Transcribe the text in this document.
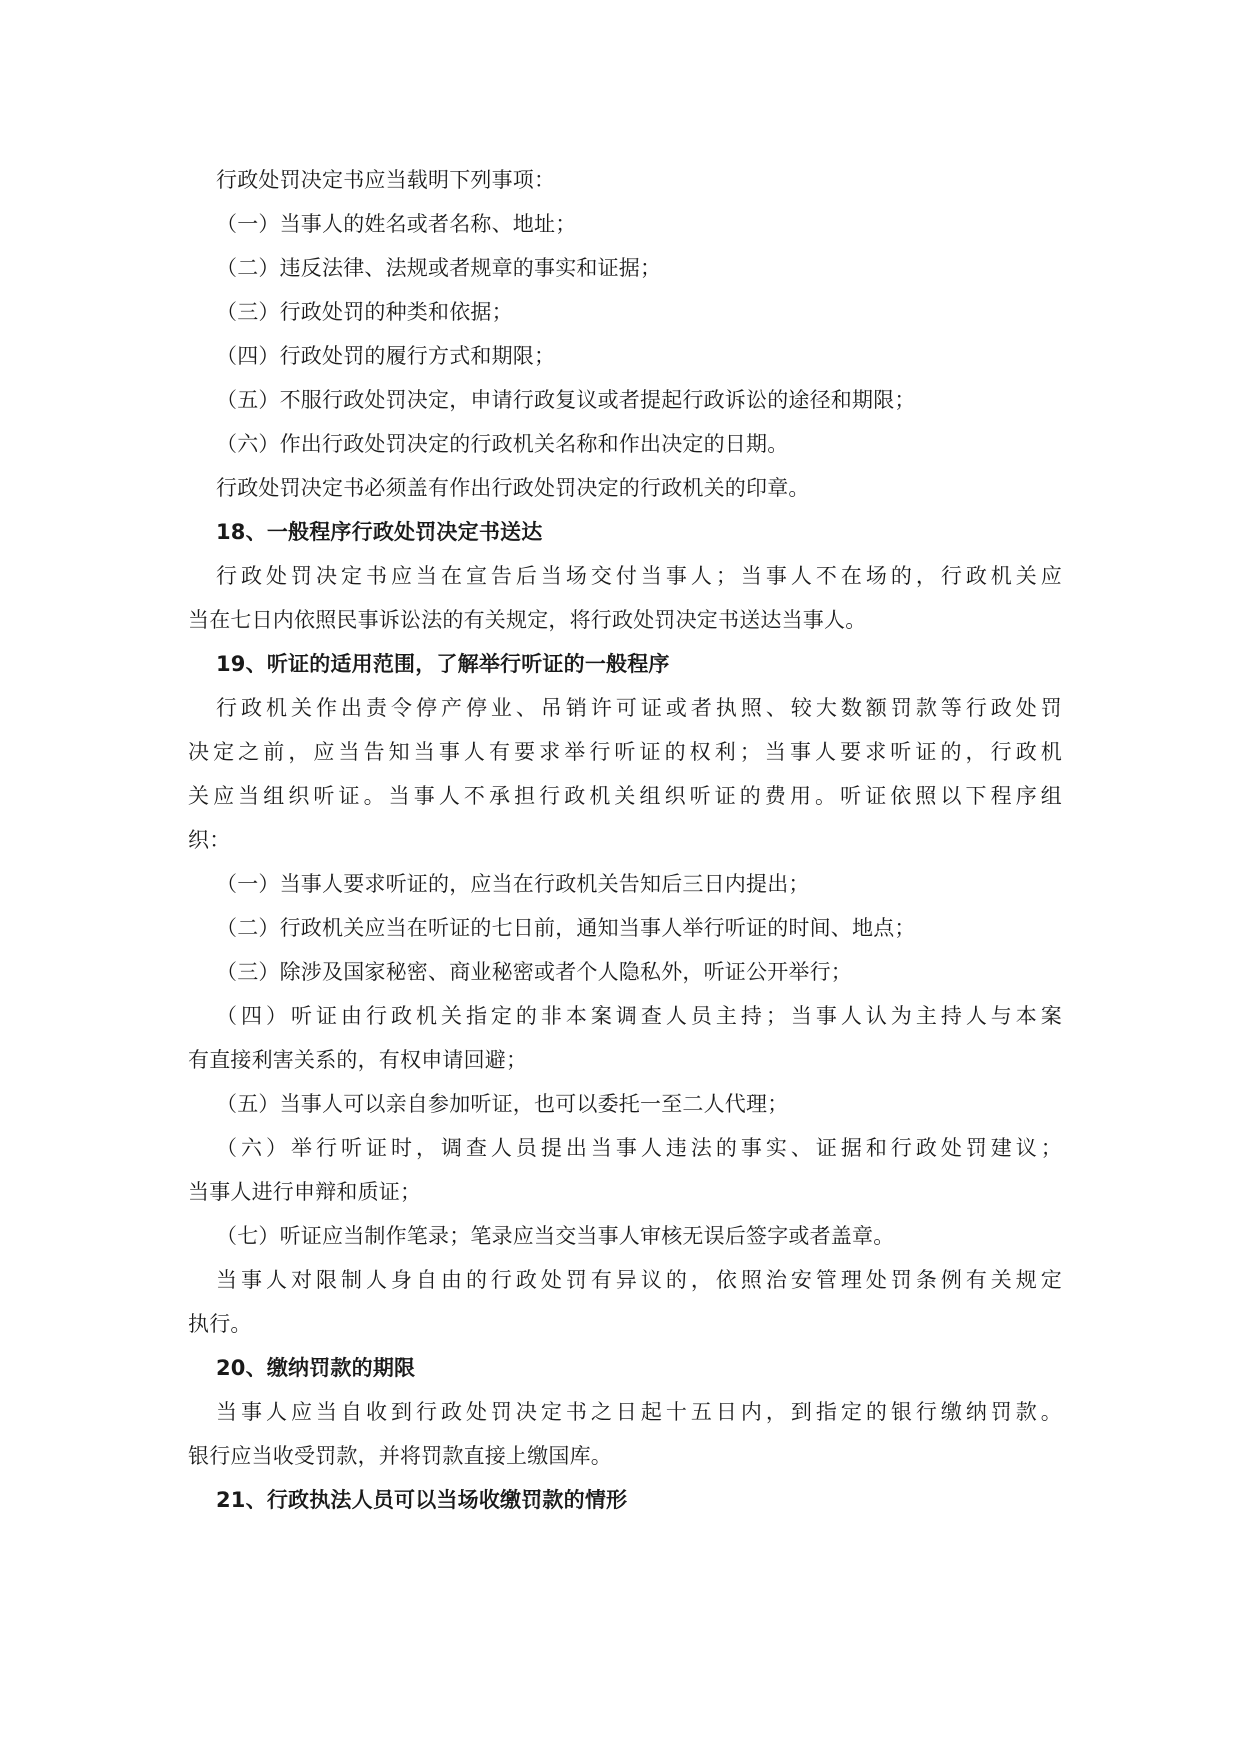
行政处罚决定书应当载明下列事项：
（一）当事人的姓名或者名称、地址；
（二）违反法律、法规或者规章的事实和证据；
（三）行政处罚的种类和依据；
（四）行政处罚的履行方式和期限；
（五）不服行政处罚决定，申请行政复议或者提起行政诉讼的途径和期限；
（六）作出行政处罚决定的行政机关名称和作出决定的日期。
行政处罚决定书必须盖有作出行政处罚决定的行政机关的印章。
18、一般程序行政处罚决定书送达
行政处罚决定书应当在宣告后当场交付当事人；当事人不在场的，行政机关应
当在七日内依照民事诉讼法的有关规定，将行政处罚决定书送达当事人。
19、听证的适用范围，了解举行听证的一般程序
行政机关作出责令停产停业、吊销许可证或者执照、较大数额罚款等行政处罚
决定之前，应当告知当事人有要求举行听证的权利；当事人要求听证的，行政机
关应当组织听证。当事人不承担行政机关组织听证的费用。听证依照以下程序组
织：
（一）当事人要求听证的，应当在行政机关告知后三日内提出；
（二）行政机关应当在听证的七日前，通知当事人举行听证的时间、地点；
（三）除涉及国家秘密、商业秘密或者个人隐私外，听证公开举行；
（四）听证由行政机关指定的非本案调查人员主持；当事人认为主持人与本案
有直接利害关系的，有权申请回避；
（五）当事人可以亲自参加听证，也可以委托一至二人代理；
（六）举行听证时，调查人员提出当事人违法的事实、证据和行政处罚建议；
当事人进行申辩和质证；
（七）听证应当制作笔录；笔录应当交当事人审核无误后签字或者盖章。
当事人对限制人身自由的行政处罚有异议的，依照治安管理处罚条例有关规定
执行。
20、缴纳罚款的期限
当事人应当自收到行政处罚决定书之日起十五日内，到指定的银行缴纳罚款。
银行应当收受罚款，并将罚款直接上缴国库。
21、行政执法人员可以当场收缴罚款的情形
